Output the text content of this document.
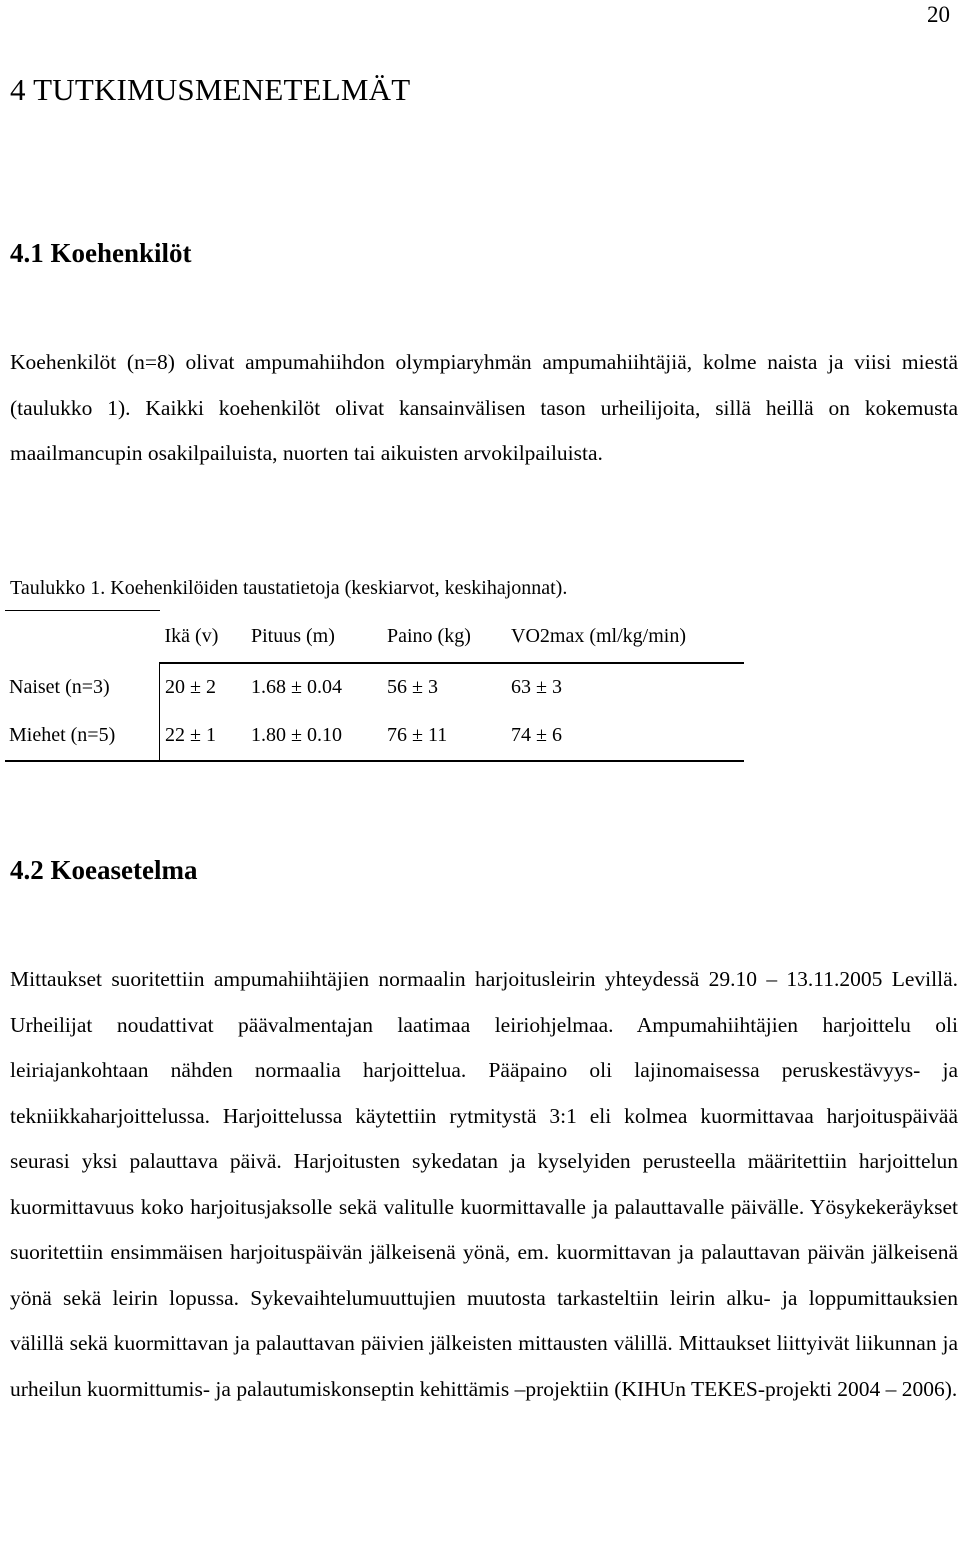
20
4 TUTKIMUSMENETELMÄT
4.1 Koehenkilöt

Koehenkilöt (n=8) olivat ampumahiihdon olympiaryhmän ampumahiihtäjiä, kolme naista ja viisi miestä (taulukko 1). Kaikki koehenkilöt olivat kansainvälisen tason urheilijoita, sillä heillä on kokemusta maailmancupin osakilpailuista, nuorten tai aikuisten arvokilpailuista.

Taulukko 1. Koehenkilöiden taustatietoja (keskiarvot, keskihajonnat).

	Ikä (v)	Pituus (m)	Paino (kg)	VO2max (ml/kg/min)
Naiset (n=3)	20 ± 2	1.68 ± 0.04	56 ± 3	63 ± 3
Miehet (n=5)	22 ± 1	1.80 ± 0.10	76 ± 11	74 ± 6
4.2 Koeasetelma

Mittaukset suoritettiin ampumahiihtäjien normaalin harjoitusleirin yhteydessä 29.10 – 13.11.2005 Levillä. Urheilijat noudattivat päävalmentajan laatimaa leiriohjelmaa. Ampumahiihtäjien harjoittelu oli leiriajankohtaan nähden normaalia harjoittelua. Pääpaino oli lajinomaisessa peruskestävyys- ja tekniikkaharjoittelussa. Harjoittelussa käytettiin rytmitystä 3:1 eli kolmea kuormittavaa harjoituspäivää seurasi yksi palauttava päivä. Harjoitusten sykedatan ja kyselyiden perusteella määritettiin harjoittelun kuormittavuus koko harjoitusjaksolle sekä valitulle kuormittavalle ja palauttavalle päivälle. Yösykekeräykset suoritettiin ensimmäisen harjoituspäivän jälkeisenä yönä, em. kuormittavan ja palauttavan päivän jälkeisenä yönä sekä leirin lopussa. Sykevaihtelumuuttujien muutosta tarkasteltiin leirin alku- ja loppumittauksien välillä sekä kuormittavan ja palauttavan päivien jälkeisten mittausten välillä. Mittaukset liittyivät liikunnan ja urheilun kuormittumis- ja palautumiskonseptin kehittämis –projektiin (KIHUn TEKES-projekti 2004 – 2006).
